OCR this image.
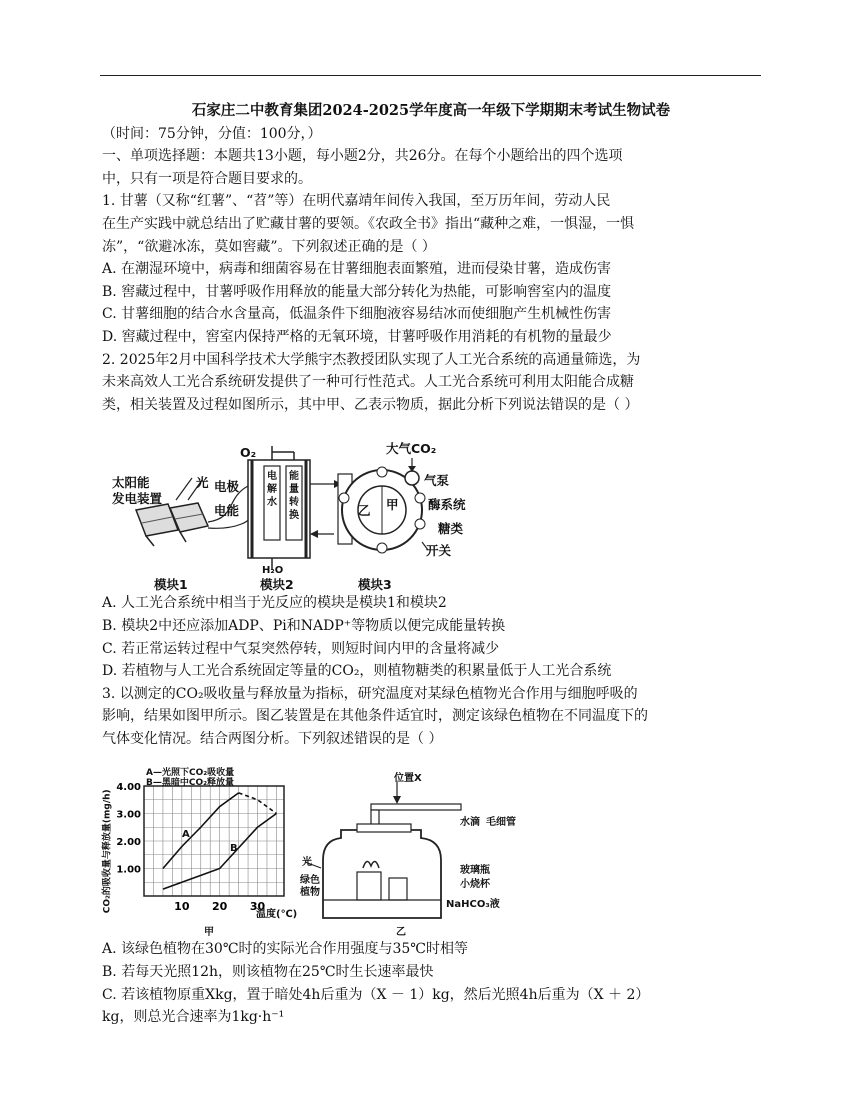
石家庄二中教育集团2024-2025学年度高一年级下学期期末考试生物试卷
（时间：75分钟，分值：100分，）
一、单项选择题：本题共13小题，每小题2分，共26分。在每个小题给出的四个选项
中，只有一项是符合题目要求的。
1. 甘薯（又称“红薯”、“苕”等）在明代嘉靖年间传入我国，至万历年间，劳动人民
在生产实践中就总结出了贮藏甘薯的要领。《农政全书》指出“藏种之难，一惧湿，一惧
冻”，“欲避冰冻，莫如窖藏”。下列叙述正确的是（ ）
A. 在潮湿环境中，病毒和细菌容易在甘薯细胞表面繁殖，进而侵染甘薯，造成伤害
B. 窖藏过程中，甘薯呼吸作用释放的能量大部分转化为热能，可影响窖室内的温度
C. 甘薯细胞的结合水含量高，低温条件下细胞液容易结冰而使细胞产生机械性伤害
D. 窖藏过程中，窖室内保持严格的无氧环境，甘薯呼吸作用消耗的有机物的量最少
2. 2025年2月中国科学技术大学熊宇杰教授团队实现了人工光合系统的高通量筛选，为
未来高效人工光合系统研发提供了一种可行性范式。人工光合系统可利用太阳能合成糖
类，相关装置及过程如图所示，其中甲、乙表示物质，据此分析下列说法错误的是（ ）
太阳能
发电装置
光 电极
电能
O₂
电解水
能量转换
H₂O
大气CO₂
气泵
乙 甲 酶系统
糖类
开关
模块1	模块2	模块3
A. 人工光合系统中相当于光反应的模块是模块1和模块2
B. 模块2中还应添加ADP、Pi和NADP⁺等物质以便完成能量转换
C. 若正常运转过程中气泵突然停转，则短时间内甲的含量将减少
D. 若植物与人工光合系统固定等量的CO₂，则植物糖类的积累量低于人工光合系统
3. 以测定的CO₂吸收量与释放量为指标，研究温度对某绿色植物光合作用与细胞呼吸的
影响，结果如图甲所示。图乙装置是在其他条件适宜时，测定该绿色植物在不同温度下的
气体变化情况。结合两图分析。下列叙述错误的是（ ）
10 20 30
1.00
2.00
3.00
4.00
A—光照下CO₂吸收量
B—黑暗中CO₂释放量
CO₂的吸收量与释放量(mg/h)
温度(℃)
甲
A
B
位置X
水滴 毛细管
光
绿色
植物
玻璃瓶
小烧杯
NaHCO₃液
乙
A. 该绿色植物在30℃时的实际光合作用强度与35℃时相等
B. 若每天光照12h，则该植物在25℃时生长速率最快
C. 若该植物原重Xkg，置于暗处4h后重为（X － 1）kg，然后光照4h后重为（X ＋ 2）
kg，则总光合速率为1kg·h⁻¹
